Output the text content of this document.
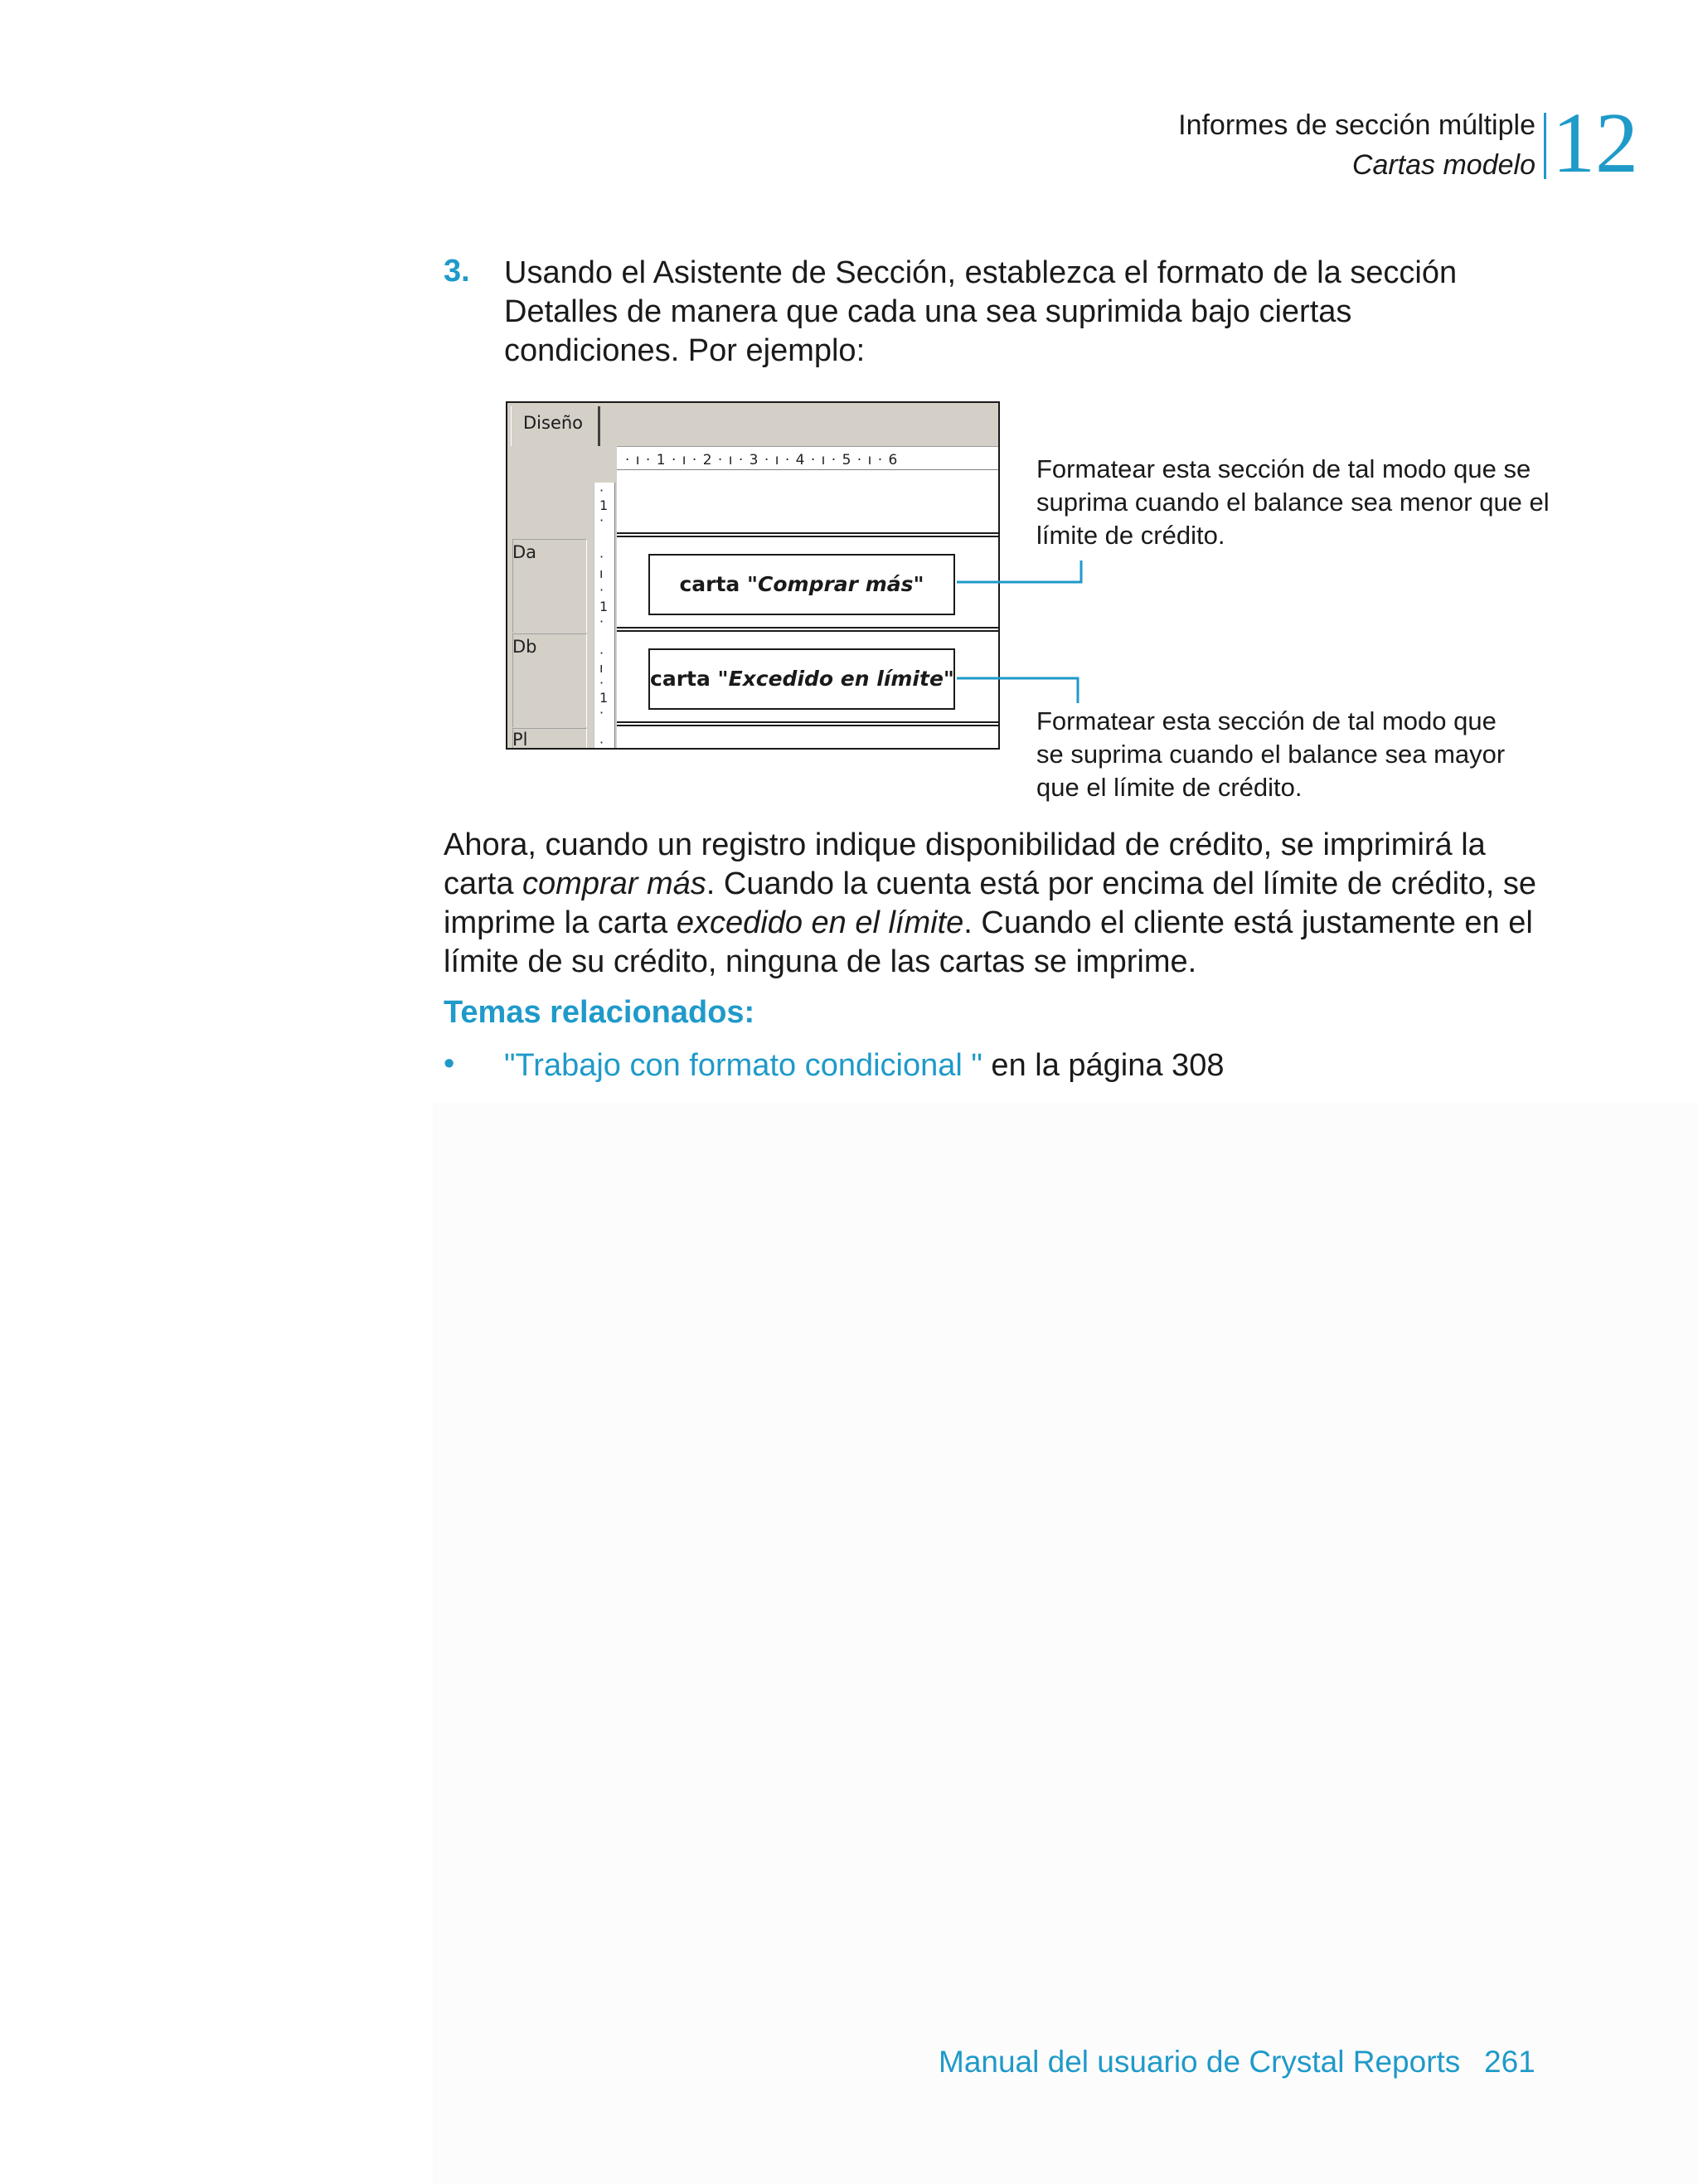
Informes de sección múltiple
Cartas modelo 12
3. Usando el Asistente de Sección, establezca el formato de la sección Detalles de manera que cada una sea suprimida bajo ciertas condiciones. Por ejemplo:
Diseño
· ı · 1 · ı · 2 · ı · 3 · ı · 4 · ı · 5 · ı · 6
·
1
·
·
ı
·
1
·
·
ı
·
1
·
·
Da
Db
Pl
carta "Comprar más"
carta "Excedido en límite"
Formatear esta sección de tal modo que se suprima cuando el balance sea menor que el límite de crédito.
Formatear esta sección de tal modo que se suprima cuando el balance sea mayor que el límite de crédito.
Ahora, cuando un registro indique disponibilidad de crédito, se imprimirá la carta comprar más. Cuando la cuenta está por encima del límite de crédito, se imprime la carta excedido en el límite. Cuando el cliente está justamente en el límite de su crédito, ninguna de las cartas se imprime.
Temas relacionados:
• "Trabajo con formato condicional " en la página 308
Manual del usuario de Crystal Reports 261
